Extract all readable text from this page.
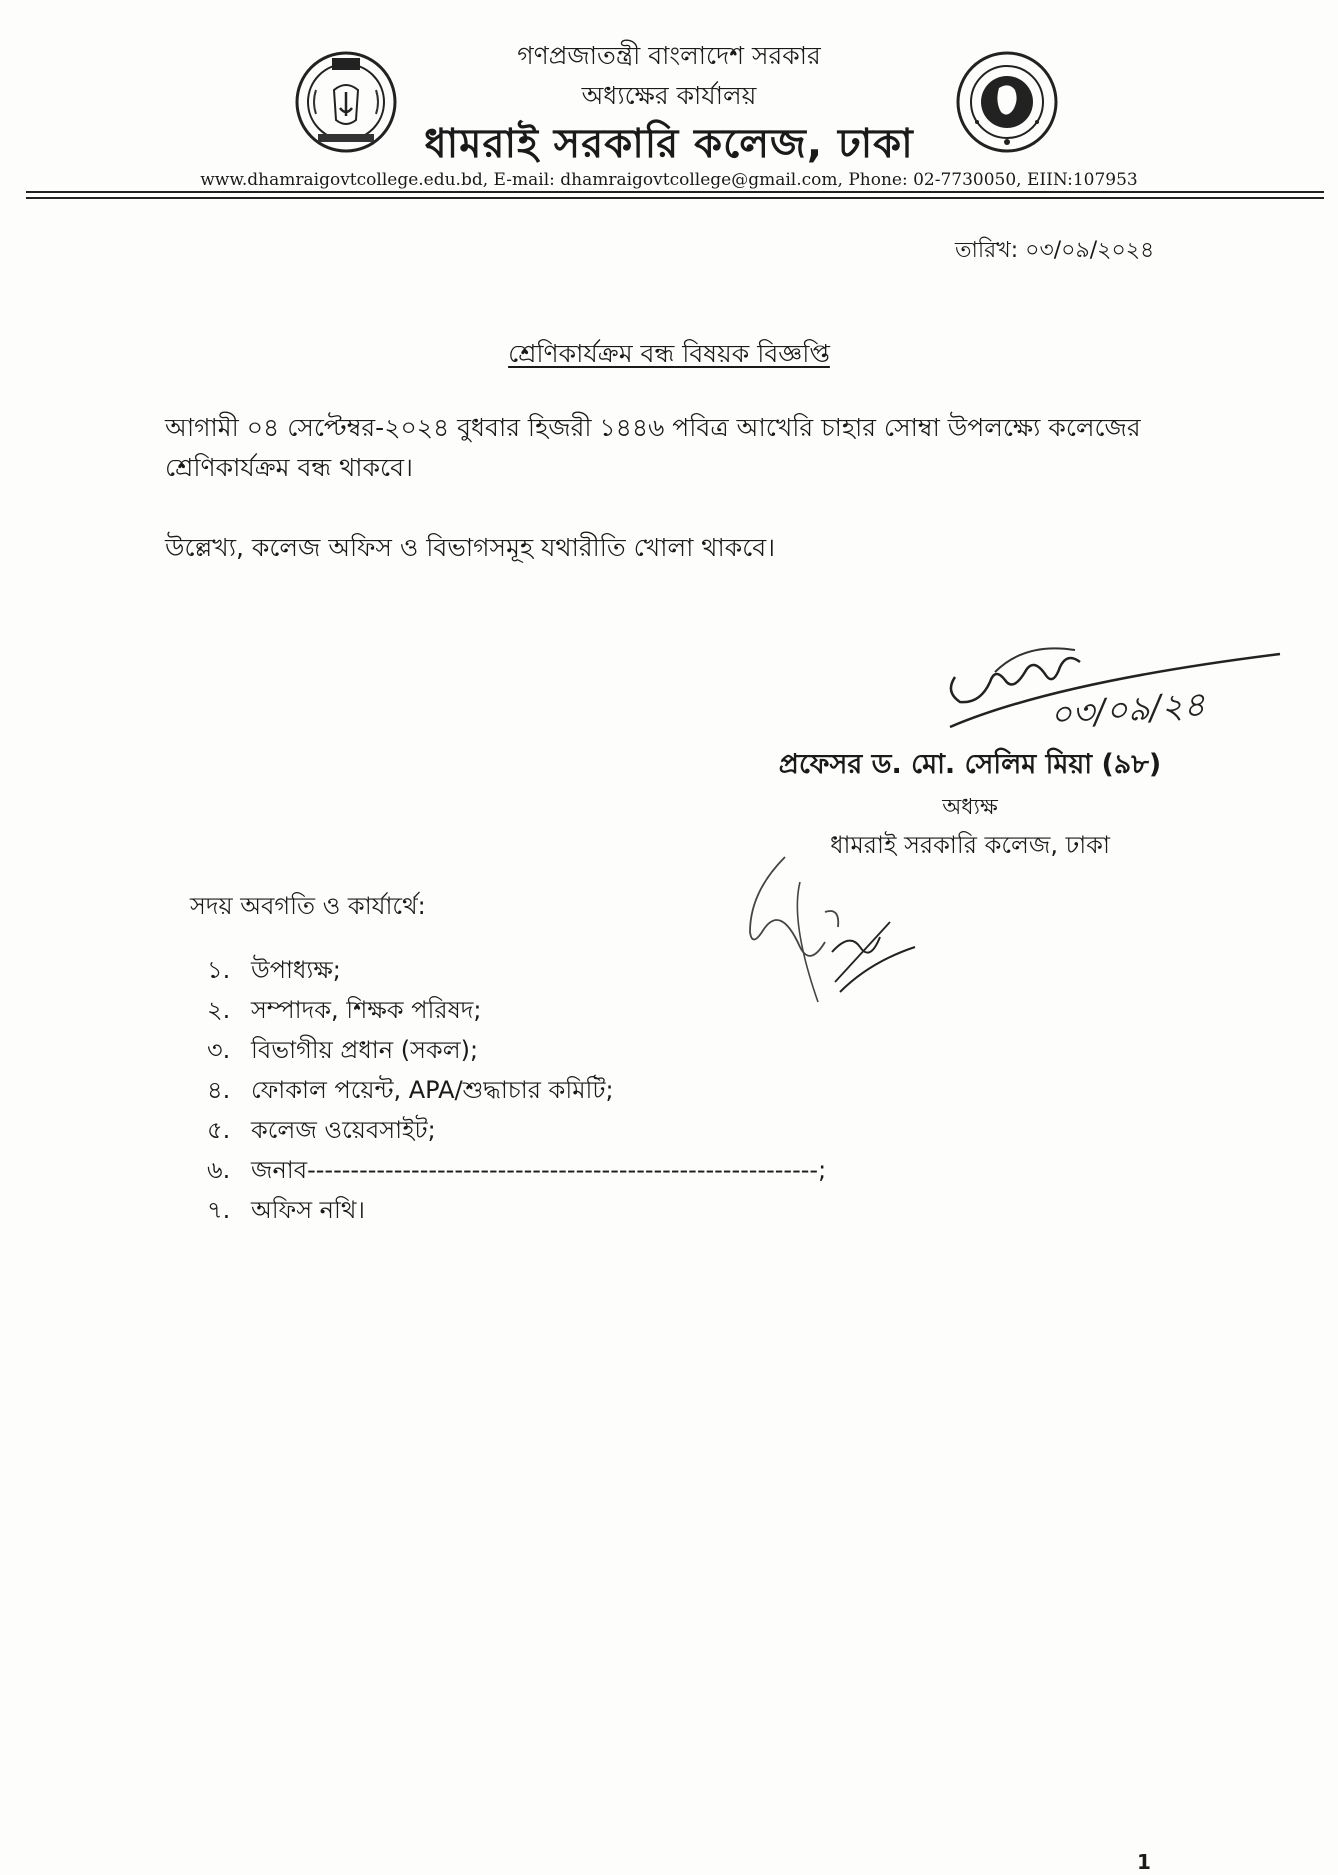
গণপ্রজাতন্ত্রী বাংলাদেশ সরকার
অধ্যক্ষের কার্যালয়
ধামরাই সরকারি কলেজ, ঢাকা
www.dhamraigovtcollege.edu.bd, E-mail: dhamraigovtcollege@gmail.com, Phone: 02-7730050, EIIN:107953
তারিখ: ০৩/০৯/২০২৪
শ্রেণিকার্যক্রম বন্ধ বিষয়ক বিজ্ঞপ্তি
আগামী ০৪ সেপ্টেম্বর-২০২৪ বুধবার হিজরী ১৪৪৬ পবিত্র আখেরি চাহার সোম্বা উপলক্ষ্যে কলেজের শ্রেণিকার্যক্রম বন্ধ থাকবে।
উল্লেখ্য, কলেজ অফিস ও বিভাগসমূহ যথারীতি খোলা থাকবে।
০৩/০৯/২৪
প্রফেসর ড. মো. সেলিম মিয়া (৯৮)
অধ্যক্ষ
ধামরাই সরকারি কলেজ, ঢাকা
সদয় অবগতি ও কার্যার্থে:
১. উপাধ্যক্ষ;
২. সম্পাদক, শিক্ষক পরিষদ;
৩. বিভাগীয় প্রধান (সকল);
৪. ফোকাল পয়েন্ট, APA/শুদ্ধাচার কমিটি;
৫. কলেজ ওয়েবসাইট;
৬. জনাব-----------------------------------------------------------;
৭. অফিস নথি।
1
